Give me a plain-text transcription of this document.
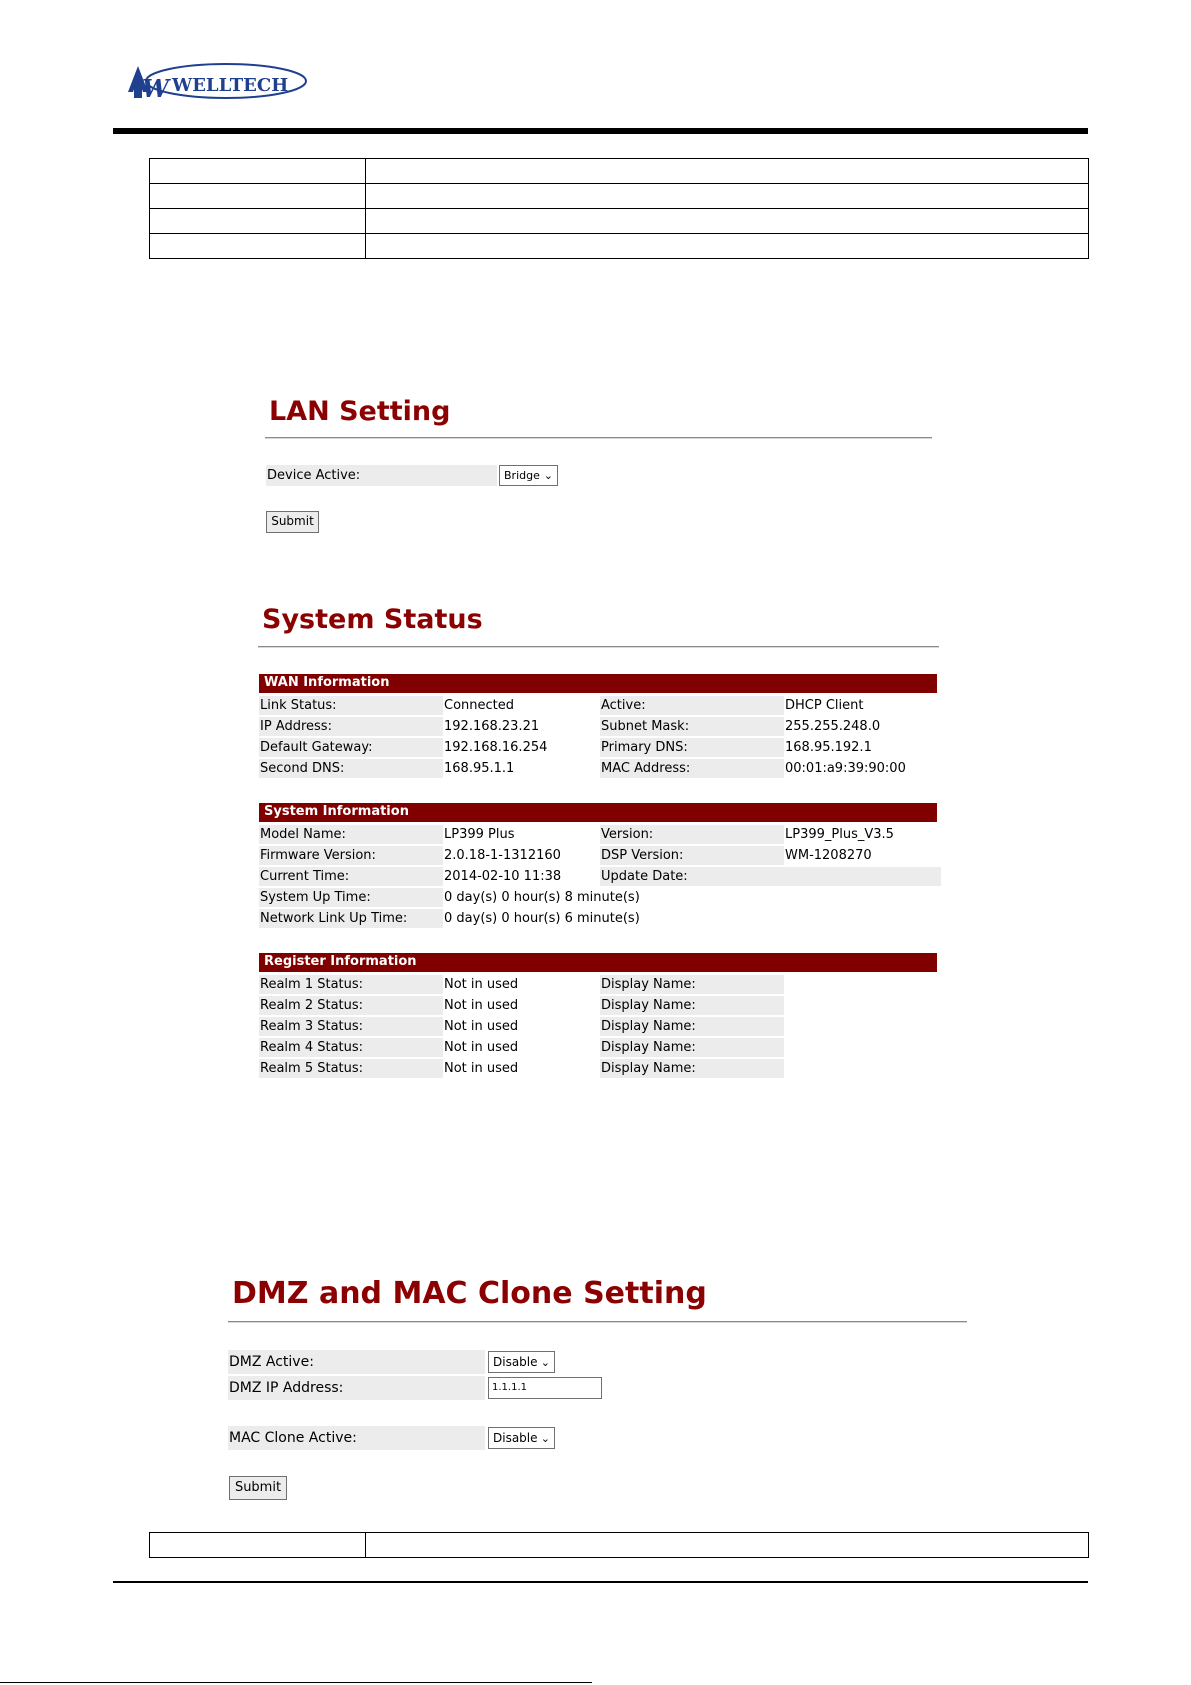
W WELLTECH

LAN Setting
Device Active:	Bridge ⌄
Submit
System Status
WAN Information
Link Status:	Connected	Active:	DHCP Client
IP Address:	192.168.23.21	Subnet Mask:	255.255.248.0
Default Gateway:	192.168.16.254	Primary DNS:	168.95.192.1
Second DNS:	168.95.1.1	MAC Address:	00:01:a9:39:90:00
System Information
Model Name:	LP399 Plus	Version:	LP399_Plus_V3.5
Firmware Version:	2.0.18-1-1312160	DSP Version:	WM-1208270
Current Time:	2014-02-10 11:38	Update Date:	
System Up Time:	0 day(s) 0 hour(s) 8 minute(s)		
Network Link Up Time:	0 day(s) 0 hour(s) 6 minute(s)		
Register Information
Realm 1 Status:	Not in used	Display Name:	
Realm 2 Status:	Not in used	Display Name:	
Realm 3 Status:	Not in used	Display Name:	
Realm 4 Status:	Not in used	Display Name:	
Realm 5 Status:	Not in used	Display Name:	
DMZ and MAC Clone Setting
DMZ Active:	Disable ⌄
DMZ IP Address:	1.1.1.1
MAC Clone Active:	Disable ⌄
Submit
